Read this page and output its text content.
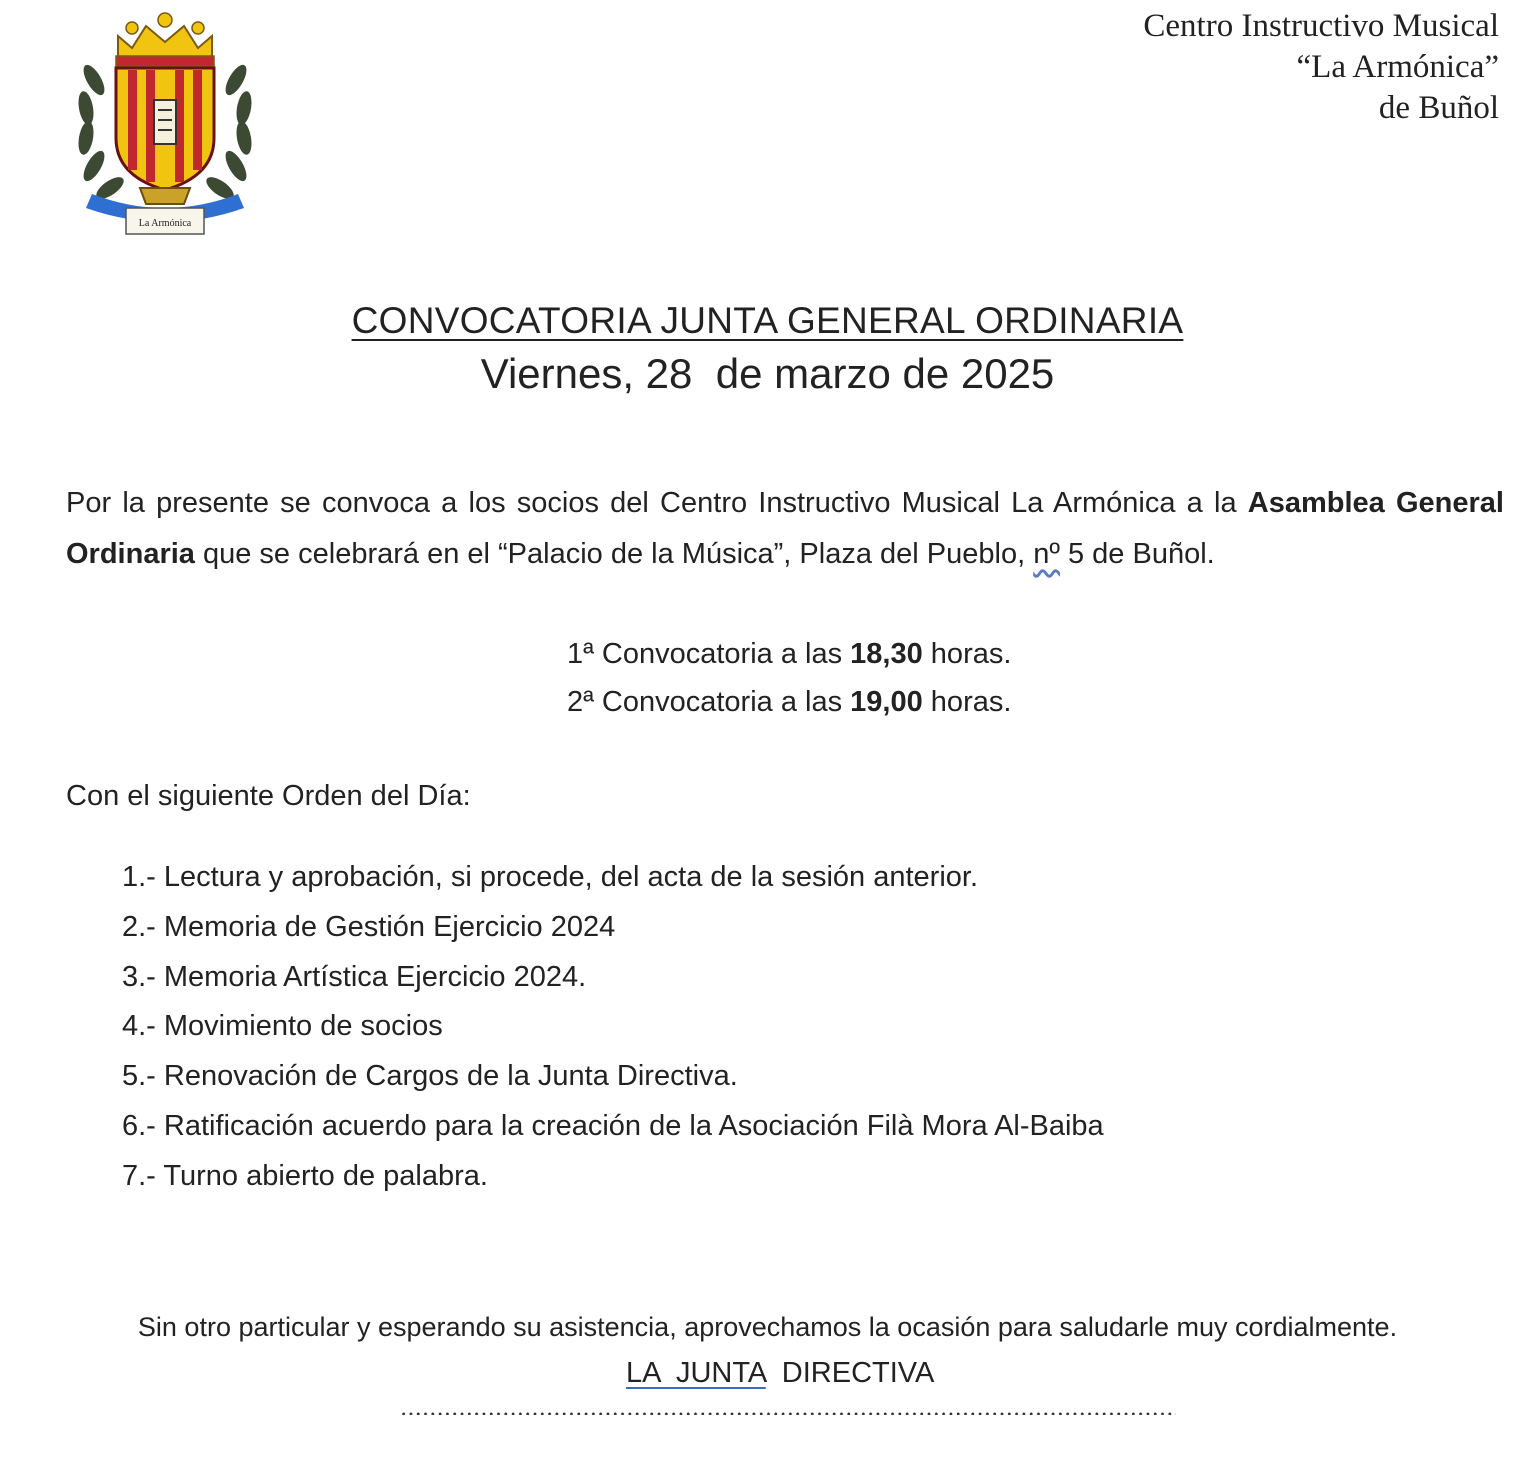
La Armónica
Centro Instructivo Musical
“La Armónica”
de Buñol
CONVOCATORIA JUNTA GENERAL ORDINARIA
Viernes, 28  de marzo de 2025
Por la presente se convoca a los socios del Centro Instructivo Musical La Armónica a la Asamblea General Ordinaria que se celebrará en el “Palacio de la Música”, Plaza del Pueblo, nº 5 de Buñol.
1ª Convocatoria a las 18,30 horas.
2ª Convocatoria a las 19,00 horas.
Con el siguiente Orden del Día:
1.- Lectura y aprobación, si procede, del acta de la sesión anterior.
2.- Memoria de Gestión Ejercicio 2024
3.- Memoria Artística Ejercicio 2024.
4.- Movimiento de socios
5.- Renovación de Cargos de la Junta Directiva.
6.- Ratificación acuerdo para la creación de la Asociación Filà Mora Al-Baiba
7.- Turno abierto de palabra.
Sin otro particular y esperando su asistencia, aprovechamos la ocasión para saludarle muy cordialmente.
LA  JUNTA  DIRECTIVA
